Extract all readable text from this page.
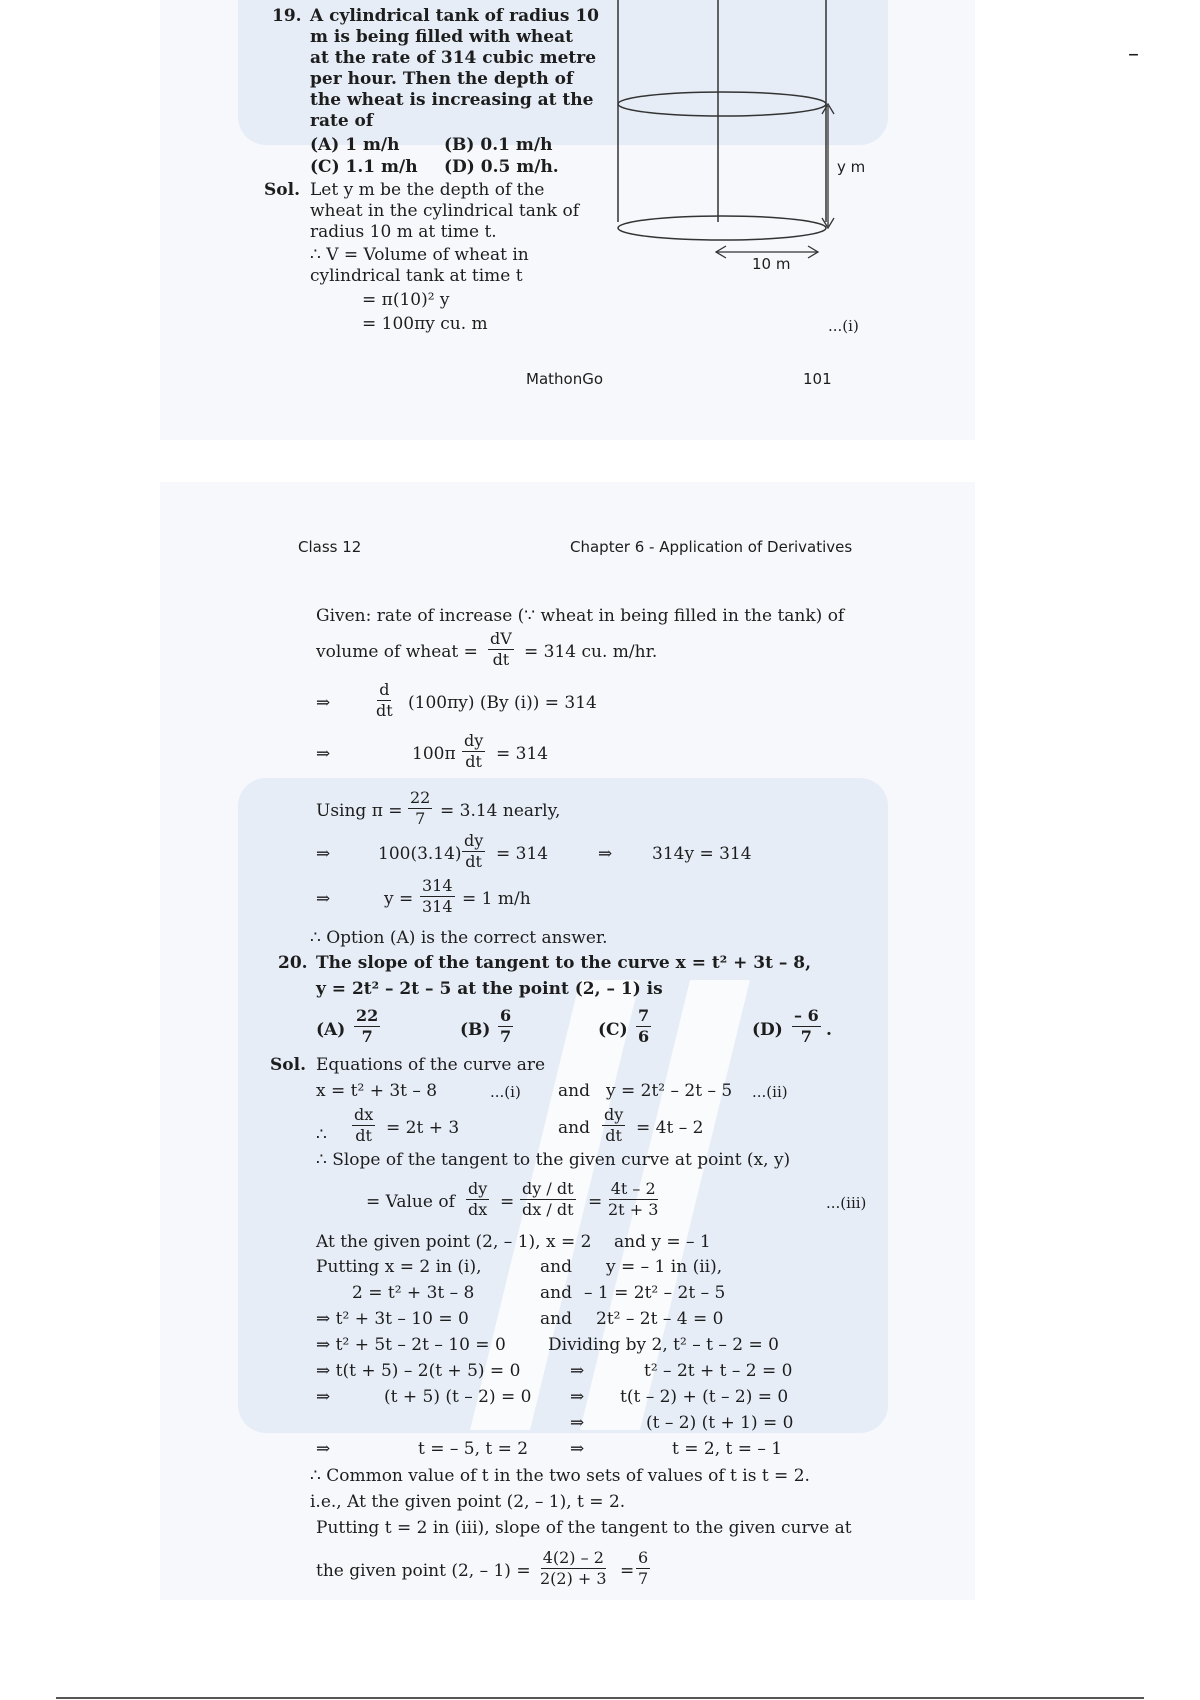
19. A cylindrical tank of radius 10
m is being filled with wheat
at the rate of 314 cubic metre
per hour. Then the depth of
the wheat is increasing at the
rate of
(A) 1 m/h	(B) 0.1 m/h
(C) 1.1 m/h (D) 0.5 m/h.
Sol. Let y m be the depth of the
wheat in the cylindrical tank of
radius 10 m at time t.
∴ V = Volume of wheat in
cylindrical tank at time t
= π(10)² y
= 100πy cu. m	...(i)
y m
10 m
MathonGo	101
–
Class 12	Chapter 6 - Application of Derivatives
Given: rate of increase (∵ wheat in being filled in the tank) of
volume of wheat = $\frac{dV}{dt} = 314$ cu. m/hr.
⇒	$\frac{d}{dt} (100\pi y)$ (By (i)) = 314
⇒	$100\pi \frac{dy}{dt} = 314$
Using $\pi = \frac{22}{7} = 3.14$ nearly,
⇒	$100(3.14) \frac{dy}{dt} = 314$	⇒ 314y = 314
⇒	$y = \frac{314}{314} = 1$ m/h
∴ Option (A) is the correct answer.
20. The slope of the tangent to the curve x = t² + 3t – 8,
y = 2t² – 2t – 5 at the point (2, – 1) is
$(A) \frac{22}{7}$	$(B) \frac{6}{7}$	$(C) \frac{7}{6}$	$(D) \frac{- 6}{7}$ .
Sol. Equations of the curve are
x = t² + 3t – 8	...(i) and y = 2t² – 2t – 5 ...(ii)
∴ $\frac{dx}{dt} = 2t + 3$	and $\frac{dy}{dt} = 4t - 2$
∴ Slope of the tangent to the given curve at point (x, y)
= Value of $\frac{dy}{dx} = \frac{dy / dt}{dx / dt} = \frac{4t - 2}{2t + 3}$	...(iii)
At the given point (2, – 1), x = 2 and y = – 1
Putting x = 2 in (i),	and y = – 1 in (ii),
2 = t² + 3t – 8	and – 1 = 2t² – 2t – 5
⇒ t² + 3t – 10 = 0	and 2t² – 2t – 4 = 0
⇒ t² + 5t – 2t – 10 = 0 Dividing by 2, t² – t – 2 = 0
⇒ t(t + 5) – 2(t + 5) = 0	⇒	t² – 2t + t – 2 = 0
⇒	(t + 5) (t – 2) = 0 ⇒ t(t – 2) + (t – 2) = 0
⇒	(t – 2) (t + 1) = 0
⇒	t = – 5, t = 2 ⇒	t = 2, t = – 1
∴ Common value of t in the two sets of values of t is t = 2.
i.e., At the given point (2, – 1), t = 2.
Putting t = 2 in (iii), slope of the tangent to the given curve at
the given point (2, – $1) = \frac{4(2) - 2}{2(2) + 3} = \frac{6}{7}$
